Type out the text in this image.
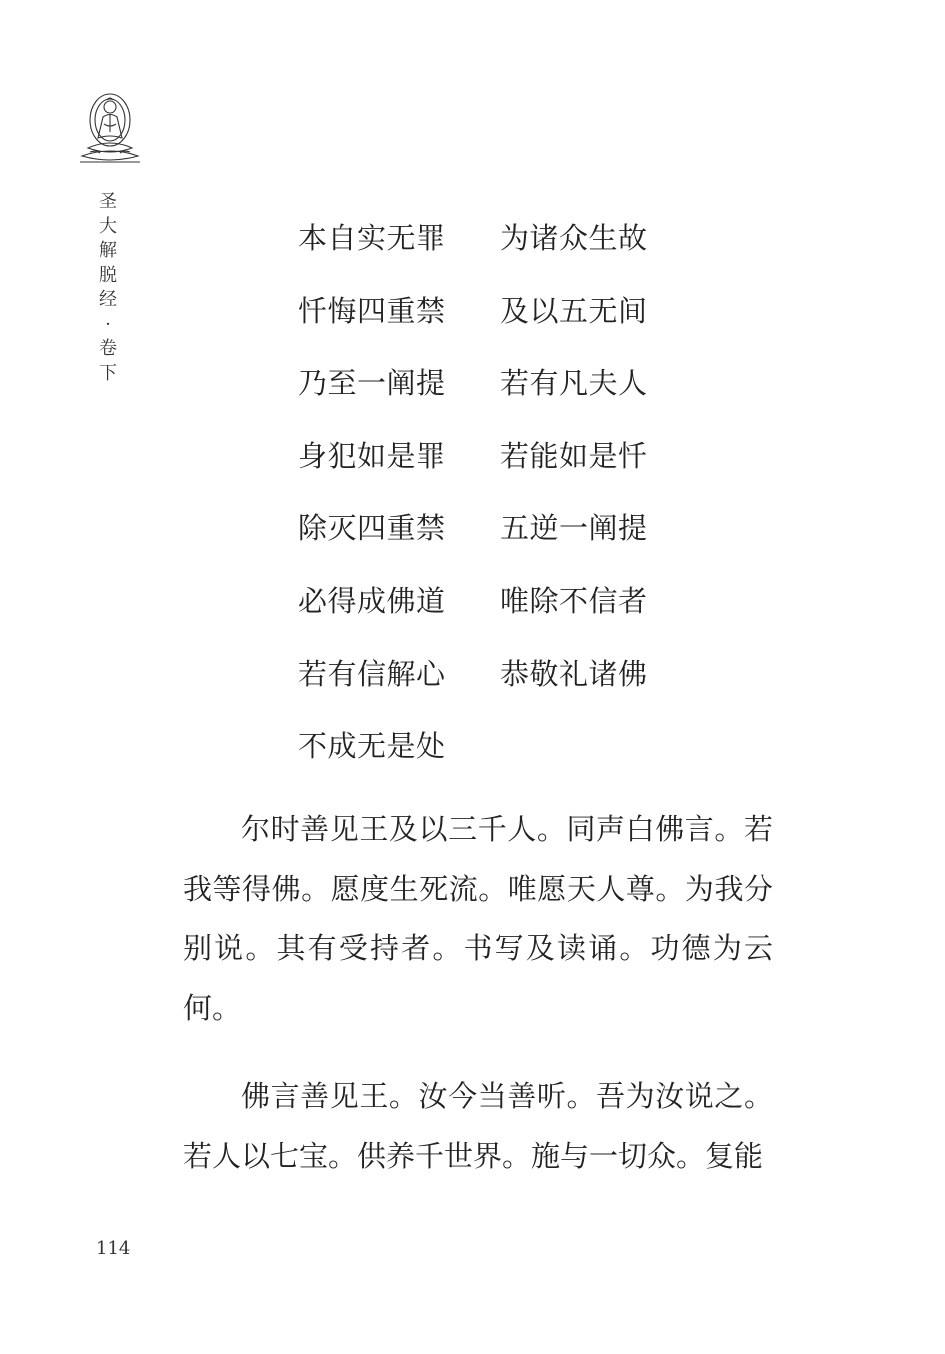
圣
大
解
脱
经
·
卷
下
本自实无罪	为诸众生故
忏悔四重禁	及以五无间
乃至一阐提	若有凡夫人
身犯如是罪	若能如是忏
除灭四重禁	五逆一阐提
必得成佛道	唯除不信者
若有信解心	恭敬礼诸佛
不成无是处

尔时善见王及以三千人。同声白佛言。若我等得佛。愿度生死流。唯愿天人尊。为我分别说。其有受持者。书写及读诵。功德为云何。

佛言善见王。汝今当善听。吾为汝说之。若人以七宝。供养千世界。施与一切众。复能

114
